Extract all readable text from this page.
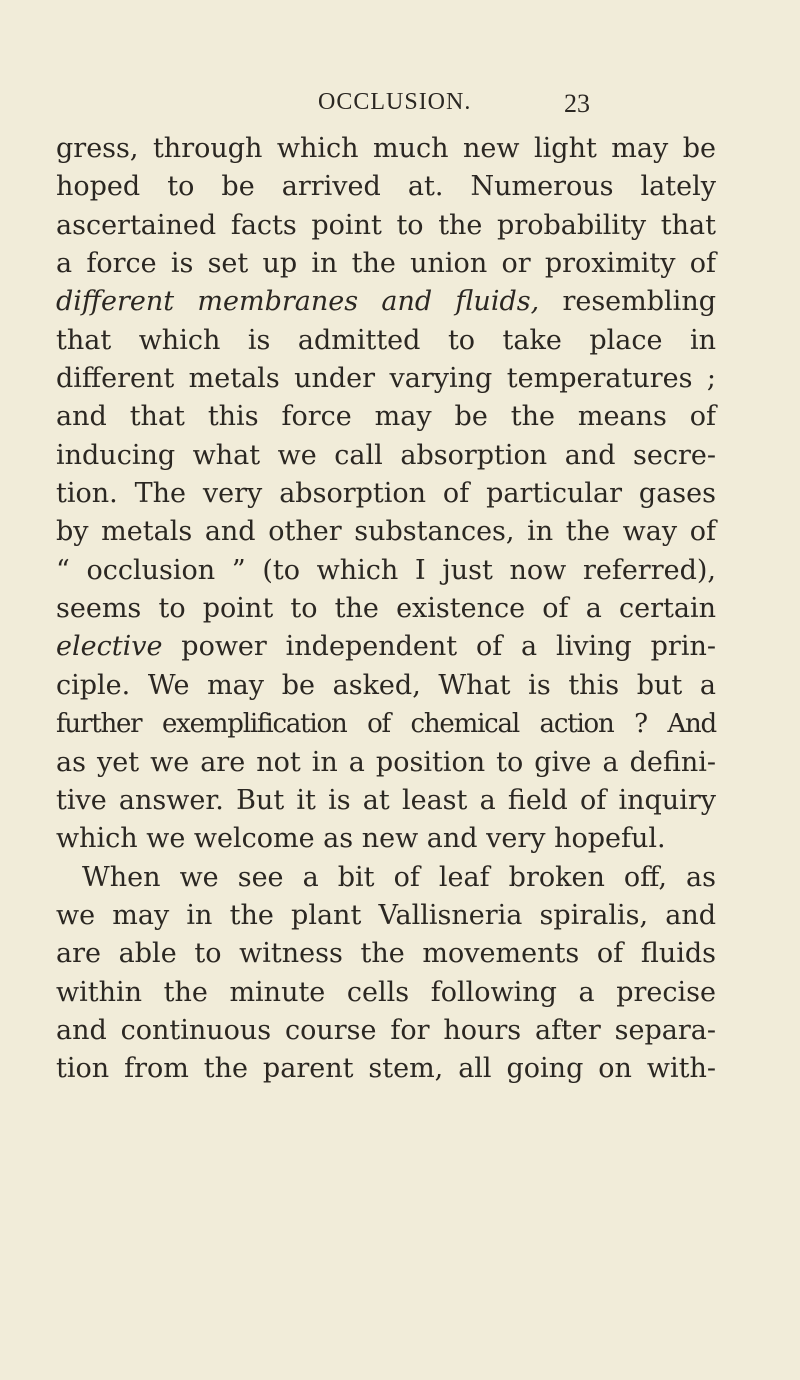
OCCLUSION.	23
gress, through which much new light may be
hoped to be arrived at. Numerous lately
ascertained facts point to the probability that
a force is set up in the union or proximity of
different membranes and fluids, resembling
that which is admitted to take place in
different metals under varying temperatures ;
and that this force may be the means of
inducing what we call absorption and secre-
tion. The very absorption of particular gases
by metals and other substances, in the way of
“ occlusion ” (to which I just now referred),
seems to point to the existence of a certain
elective power independent of a living prin-
ciple. We may be asked, What is this but a
further exemplification of chemical action ? And
as yet we are not in a position to give a defini-
tive answer. But it is at least a field of inquiry
which we welcome as new and very hopeful.
When we see a bit of leaf broken off, as
we may in the plant Vallisneria spiralis, and
are able to witness the movements of fluids
within the minute cells following a precise
and continuous course for hours after separa-
tion from the parent stem, all going on with-
